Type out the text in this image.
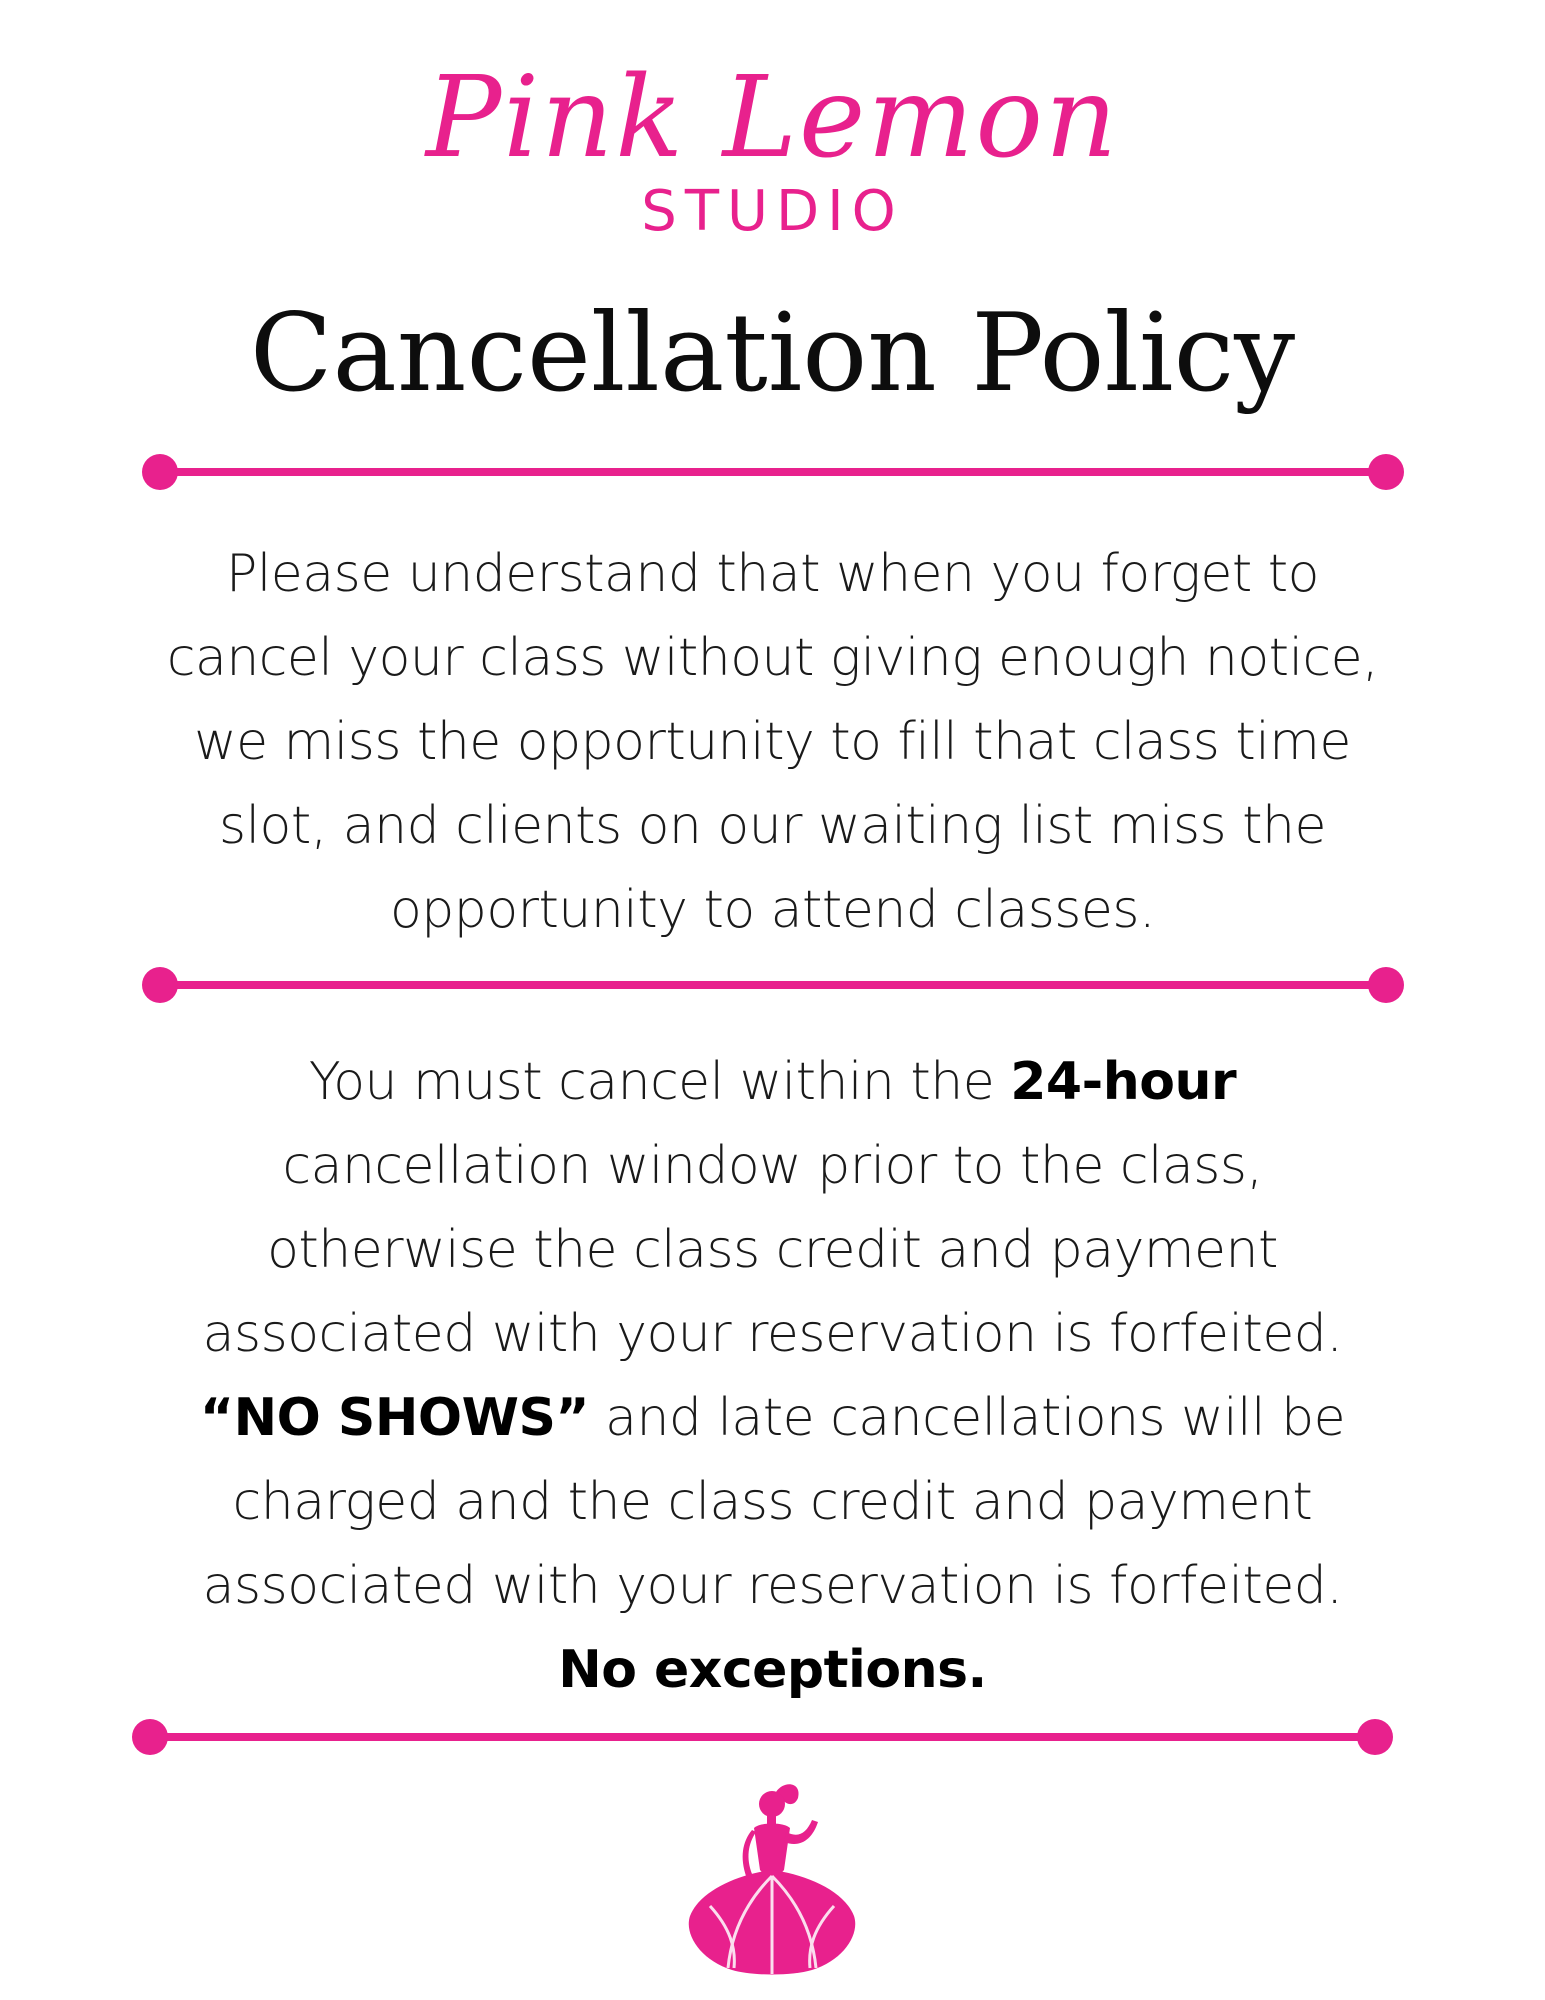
Pink Lemon
STUDIO
Cancellation Policy
Please understand that when you forget to
cancel your class without giving enough notice,
we miss the opportunity to fill that class time
slot, and clients on our waiting list miss the
opportunity to attend classes.
You must cancel within the 24-hour
cancellation window prior to the class,
otherwise the class credit and payment
associated with your reservation is forfeited.
“NO SHOWS” and late cancellations will be
charged and the class credit and payment
associated with your reservation is forfeited.
No exceptions.
